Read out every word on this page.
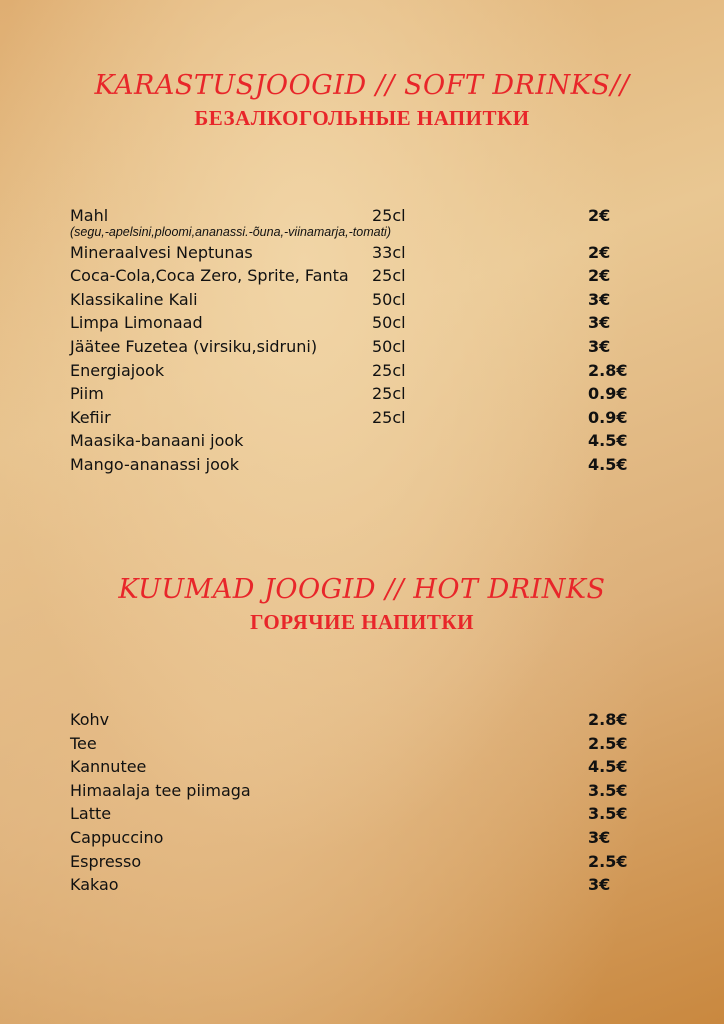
KARASTUSJOOGID // SOFT DRINKS//
БЕЗАЛКОГОЛЬНЫЕ НАПИТКИ
Mahl	25cl	2€
(segu,-apelsini,ploomi,ananassi.-õuna,-viinamarja,-tomati)
Mineraalvesi Neptunas	33cl	2€
Coca-Cola,Coca Zero, Sprite, Fanta 25cl	2€
Klassikaline Kali	50cl	3€
Limpa Limonaad	50cl	3€
Jäätee Fuzetea (virsiku,sidruni)	50cl	3€
Energiajook	25cl	2.8€
Piim	25cl	0.9€
Kefiir	25cl	0.9€
Maasika-banaani jook	4.5€
Mango-ananassi jook	4.5€
KUUMAD JOOGID // HOT DRINKS
ГОРЯЧИЕ НАПИТКИ
Kohv	2.8€
Tee	2.5€
Kannutee	4.5€
Himaalaja tee piimaga	3.5€
Latte	3.5€
Cappuccino	3€
Espresso	2.5€
Kakao	3€
